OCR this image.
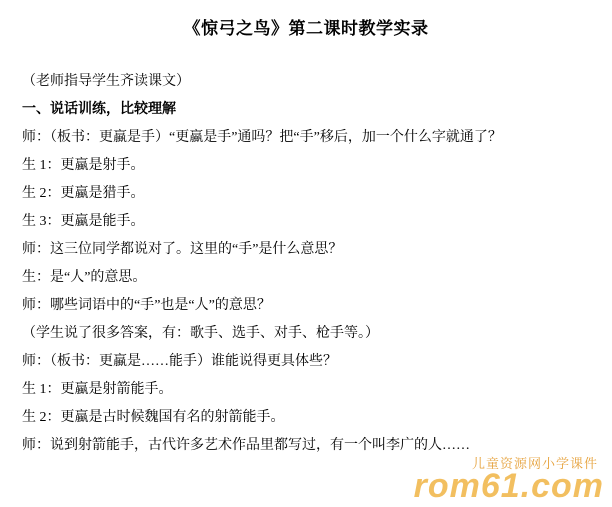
《惊弓之鸟》第二课时教学实录

（老师指导学生齐读课文）

一、说话训练，比较理解

师：（板书：更蠃是手）“更蠃是手”通吗？把“手”移后，加一个什么字就通了？

生 1：更蠃是射手。

生 2：更蠃是猎手。

生 3：更蠃是能手。

师：这三位同学都说对了。这里的“手”是什么意思？

生：是“人”的意思。

师：哪些词语中的“手”也是“人”的意思？

（学生说了很多答案，有：歌手、选手、对手、枪手等。）

师：（板书：更蠃是……能手）谁能说得更具体些？

生 1：更蠃是射箭能手。

生 2：更蠃是古时候魏国有名的射箭能手。

师：说到射箭能手，古代许多艺术作品里都写过，有一个叫李广的人……

儿童资源网小学课件
rom61.com
